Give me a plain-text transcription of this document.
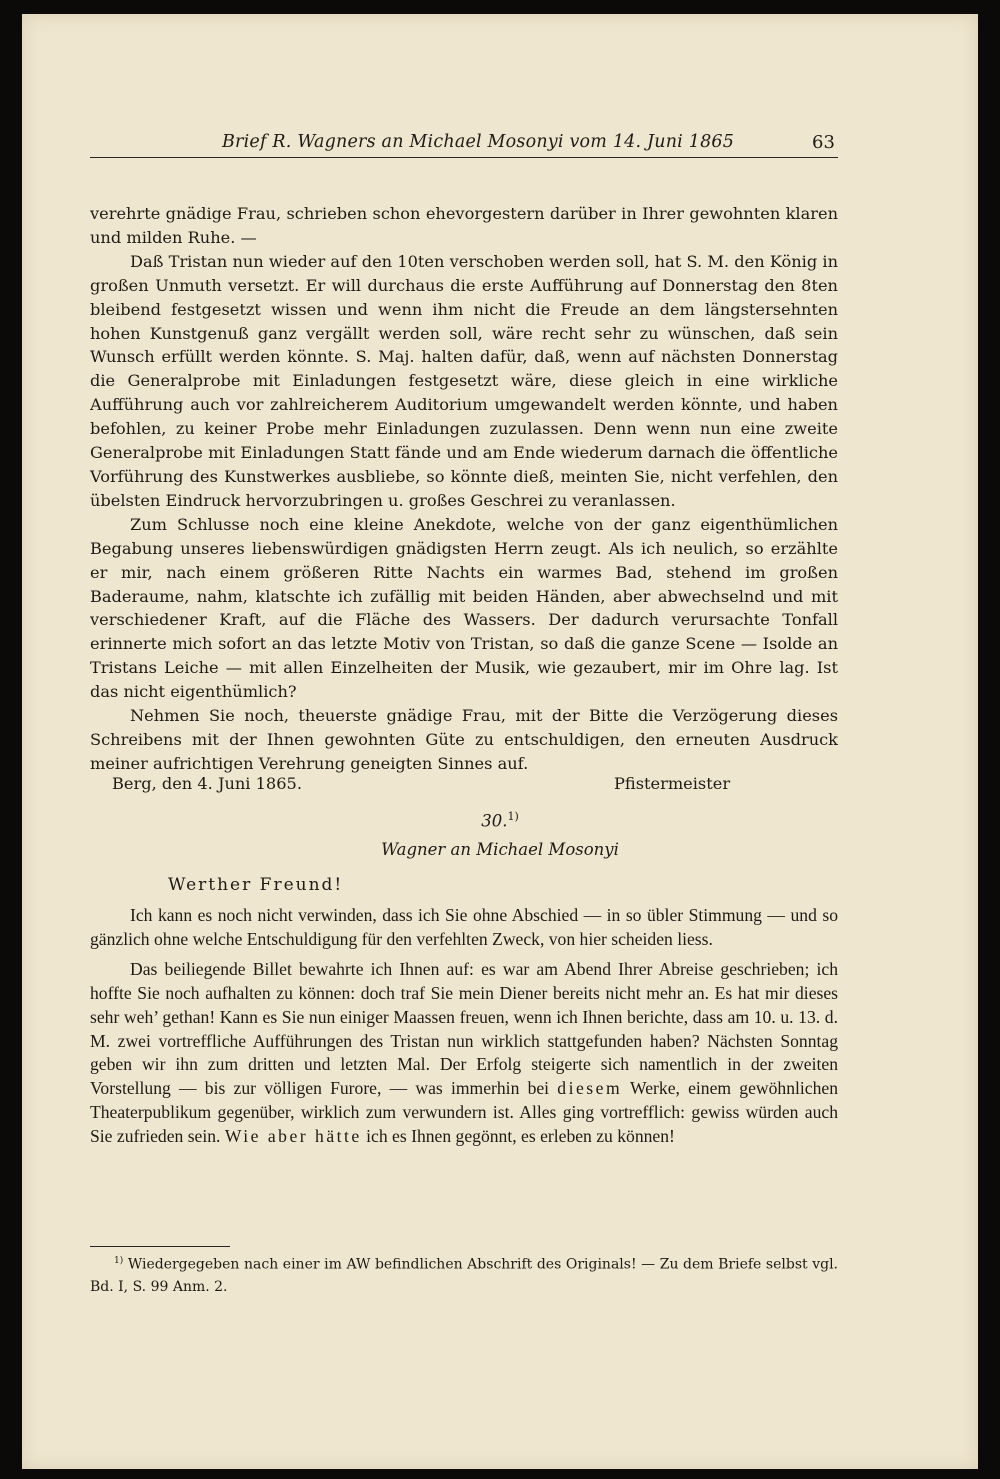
Brief R. Wagners an Michael Mosonyi vom 14. Juni 1865	63

verehrte gnädige Frau, schrieben schon ehevorgestern darüber in Ihrer gewohnten klaren und milden Ruhe. —

Daß Tristan nun wieder auf den 10ten verschoben werden soll, hat S. M. den König in großen Unmuth versetzt. Er will durchaus die erste Aufführung auf Donnerstag den 8ten bleibend festgesetzt wissen und wenn ihm nicht die Freude an dem längstersehnten hohen Kunstgenuß ganz vergällt werden soll, wäre recht sehr zu wünschen, daß sein Wunsch erfüllt werden könnte. S. Maj. halten dafür, daß, wenn auf nächsten Donnerstag die Generalprobe mit Einladungen festgesetzt wäre, diese gleich in eine wirkliche Aufführung auch vor zahlreicherem Auditorium umgewandelt werden könnte, und haben befohlen, zu keiner Probe mehr Einladungen zuzulassen. Denn wenn nun eine zweite Generalprobe mit Einladungen Statt fände und am Ende wiederum darnach die öffentliche Vorführung des Kunstwerkes ausbliebe, so könnte dieß, meinten Sie, nicht verfehlen, den übelsten Eindruck hervorzubringen u. großes Geschrei zu veranlassen.

Zum Schlusse noch eine kleine Anekdote, welche von der ganz eigenthümlichen Begabung unseres liebenswürdigen gnädigsten Herrn zeugt. Als ich neulich, so erzählte er mir, nach einem größeren Ritte Nachts ein warmes Bad, stehend im großen Baderaume, nahm, klatschte ich zufällig mit beiden Händen, aber abwechselnd und mit verschiedener Kraft, auf die Fläche des Wassers. Der dadurch verursachte Tonfall erinnerte mich sofort an das letzte Motiv von Tristan, so daß die ganze Scene — Isolde an Tristans Leiche — mit allen Einzelheiten der Musik, wie gezaubert, mir im Ohre lag. Ist das nicht eigenthümlich?

Nehmen Sie noch, theuerste gnädige Frau, mit der Bitte die Verzögerung dieses Schreibens mit der Ihnen gewohnten Güte zu entschuldigen, den erneuten Ausdruck meiner aufrichtigen Verehrung geneigten Sinnes auf.

Berg, den 4. Juni 1865.	Pfistermeister
30.$^{1)}$
Wagner an Michael Mosonyi
Werther Freund!

Ich kann es noch nicht verwinden, dass ich Sie ohne Abschied — in so übler Stimmung — und so gänzlich ohne welche Entschuldigung für den verfehlten Zweck, von hier scheiden liess.

Das beiliegende Billet bewahrte ich Ihnen auf: es war am Abend Ihrer Abreise geschrieben; ich hoffte Sie noch aufhalten zu können: doch traf Sie mein Diener bereits nicht mehr an. Es hat mir dieses sehr weh’ gethan! Kann es Sie nun einiger Maassen freuen, wenn ich Ihnen berichte, dass am 10. u. 13. d. M. zwei vortreffliche Aufführungen des Tristan nun wirklich stattgefunden haben? Nächsten Sonntag geben wir ihn zum dritten und letzten Mal. Der Erfolg steigerte sich namentlich in der zweiten Vorstellung — bis zur völligen Furore, — was immerhin bei diesem Werke, einem gewöhnlichen Theaterpublikum gegenüber, wirklich zum verwundern ist. Alles ging vortrefflich: gewiss würden auch Sie zufrieden sein. Wie aber hätte ich es Ihnen gegönnt, es erleben zu können!

$^{1)}$ Wiedergegeben nach einer im AW befindlichen Abschrift des Originals! — Zu dem Briefe selbst vgl. Bd. I, S. 99 Anm. 2.
